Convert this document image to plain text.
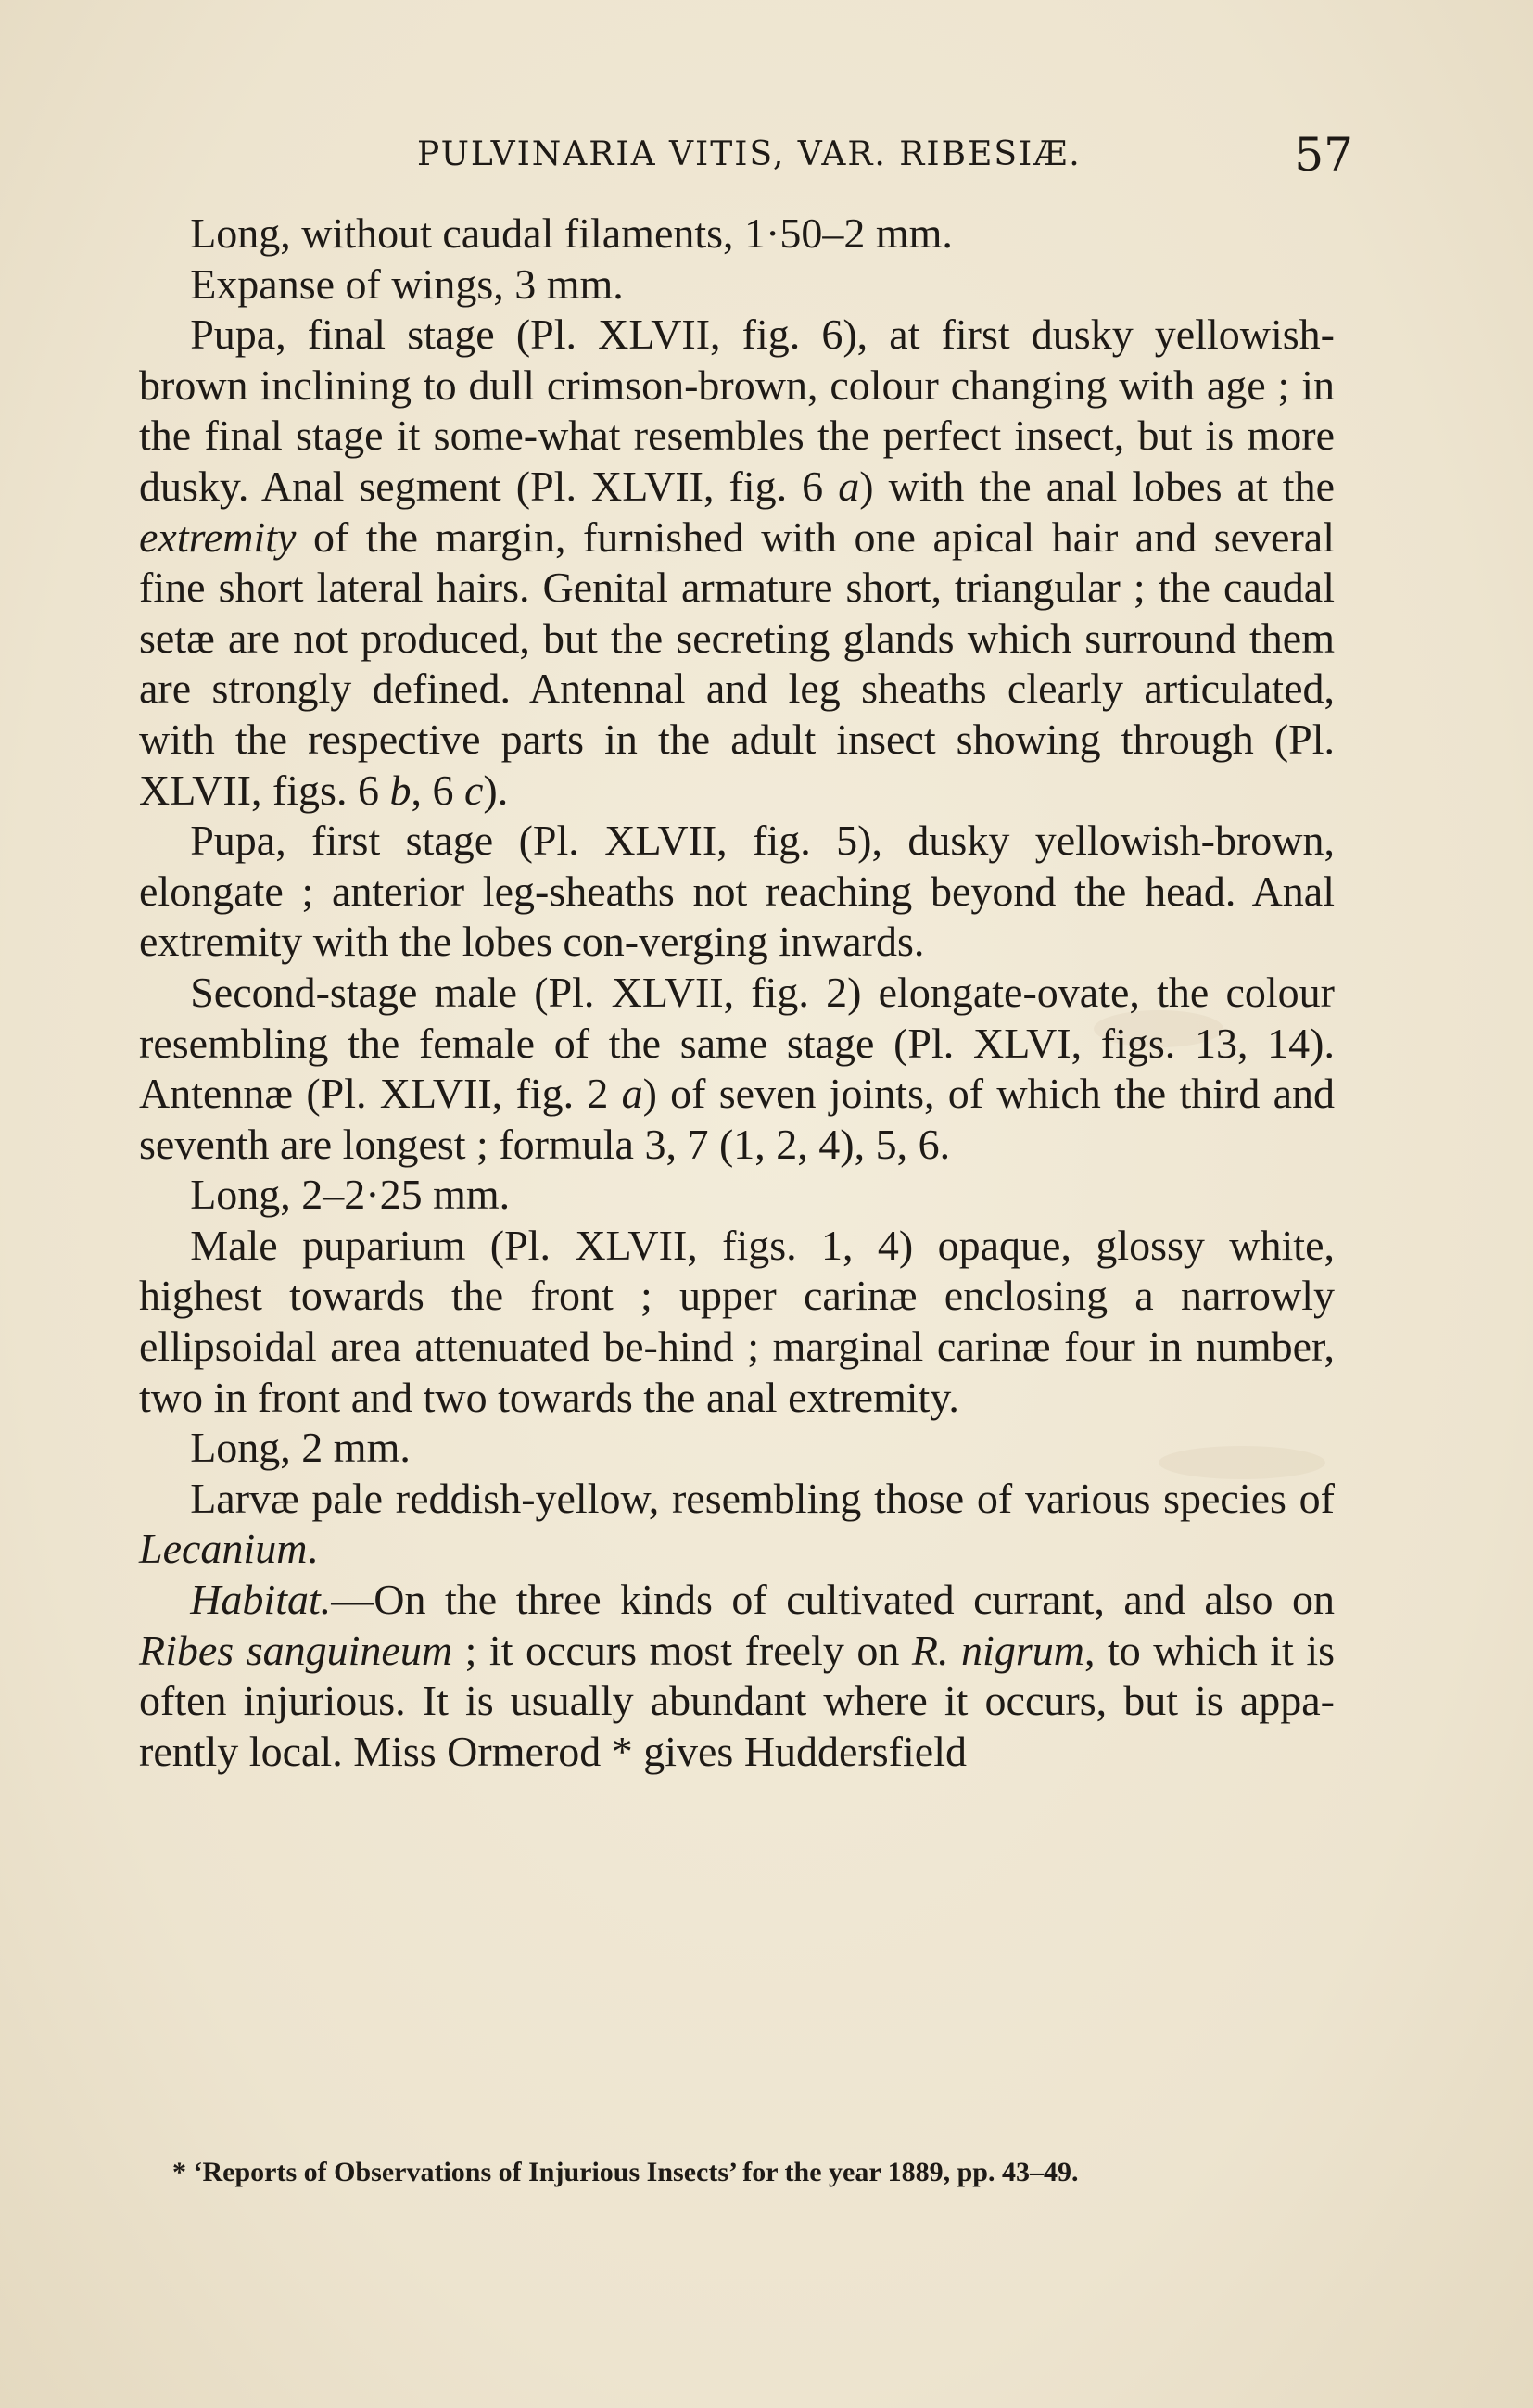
PULVINARIA VITIS, VAR. RIBESIÆ.	57

Long, without caudal filaments, 1·50–2 mm.

Expanse of wings, 3 mm.

Pupa, final stage (Pl. XLVII, fig. 6), at first dusky yellowish-brown inclining to dull crimson-brown, colour changing with age ; in the final stage it some-what resembles the perfect insect, but is more dusky. Anal segment (Pl. XLVII, fig. 6 a) with the anal lobes at the extremity of the margin, furnished with one apical hair and several fine short lateral hairs. Genital armature short, triangular ; the caudal setæ are not produced, but the secreting glands which surround them are strongly defined. Antennal and leg sheaths clearly articulated, with the respective parts in the adult insect showing through (Pl. XLVII, figs. 6 b, 6 c).

Pupa, first stage (Pl. XLVII, fig. 5), dusky yellowish-brown, elongate ; anterior leg-sheaths not reaching beyond the head. Anal extremity with the lobes con-verging inwards.

Second-stage male (Pl. XLVII, fig. 2) elongate-ovate, the colour resembling the female of the same stage (Pl. XLVI, figs. 13, 14). Antennæ (Pl. XLVII, fig. 2 a) of seven joints, of which the third and seventh are longest ; formula 3, 7 (1, 2, 4), 5, 6.

Long, 2–2·25 mm.

Male puparium (Pl. XLVII, figs. 1, 4) opaque, glossy white, highest towards the front ; upper carinæ enclosing a narrowly ellipsoidal area attenuated be-hind ; marginal carinæ four in number, two in front and two towards the anal extremity.

Long, 2 mm.

Larvæ pale reddish-yellow, resembling those of various species of Lecanium.

Habitat.—On the three kinds of cultivated currant, and also on Ribes sanguineum ; it occurs most freely on R. nigrum, to which it is often injurious. It is usually abundant where it occurs, but is appa-rently local. Miss Ormerod * gives Huddersfield

* ‘Reports of Observations of Injurious Insects’ for the year 1889, pp. 43–49.
